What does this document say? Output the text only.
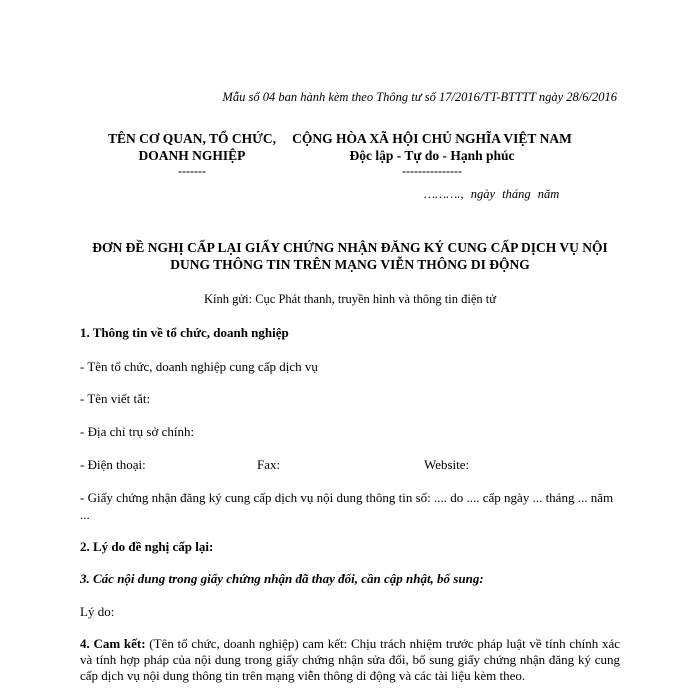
Mẫu số 04 ban hành kèm theo Thông tư số 17/2016/TT-BTTTT ngày 28/6/2016
TÊN CƠ QUAN, TỔ CHỨC,
DOANH NGHIỆP
-------
CỘNG HÒA XÃ HỘI CHỦ NGHĨA VIỆT NAM
Độc lập - Tự do - Hạnh phúc
---------------
………., ngày tháng năm
ĐƠN ĐỀ NGHỊ CẤP LẠI GIẤY CHỨNG NHẬN ĐĂNG KÝ CUNG CẤP DỊCH VỤ NỘI
DUNG THÔNG TIN TRÊN MẠNG VIỄN THÔNG DI ĐỘNG
Kính gửi: Cục Phát thanh, truyền hình và thông tin điện tử
1. Thông tin về tổ chức, doanh nghiệp
- Tên tổ chức, doanh nghiệp cung cấp dịch vụ
- Tên viết tắt:
- Địa chỉ trụ sở chính:
- Điện thoại:	Fax:	Website:
- Giấy chứng nhận đăng ký cung cấp dịch vụ nội dung thông tin số: .... do .... cấp ngày ... tháng ... năm ...
2. Lý do đề nghị cấp lại:
3. Các nội dung trong giấy chứng nhận đã thay đổi, cần cập nhật, bổ sung:
Lý do:
4. Cam kết: (Tên tổ chức, doanh nghiệp) cam kết: Chịu trách nhiệm trước pháp luật về tính chính xác và tính hợp pháp của nội dung trong giấy chứng nhận sửa đổi, bổ sung giấy chứng nhận đăng ký cung cấp dịch vụ nội dung thông tin trên mạng viễn thông di động và các tài liệu kèm theo.
